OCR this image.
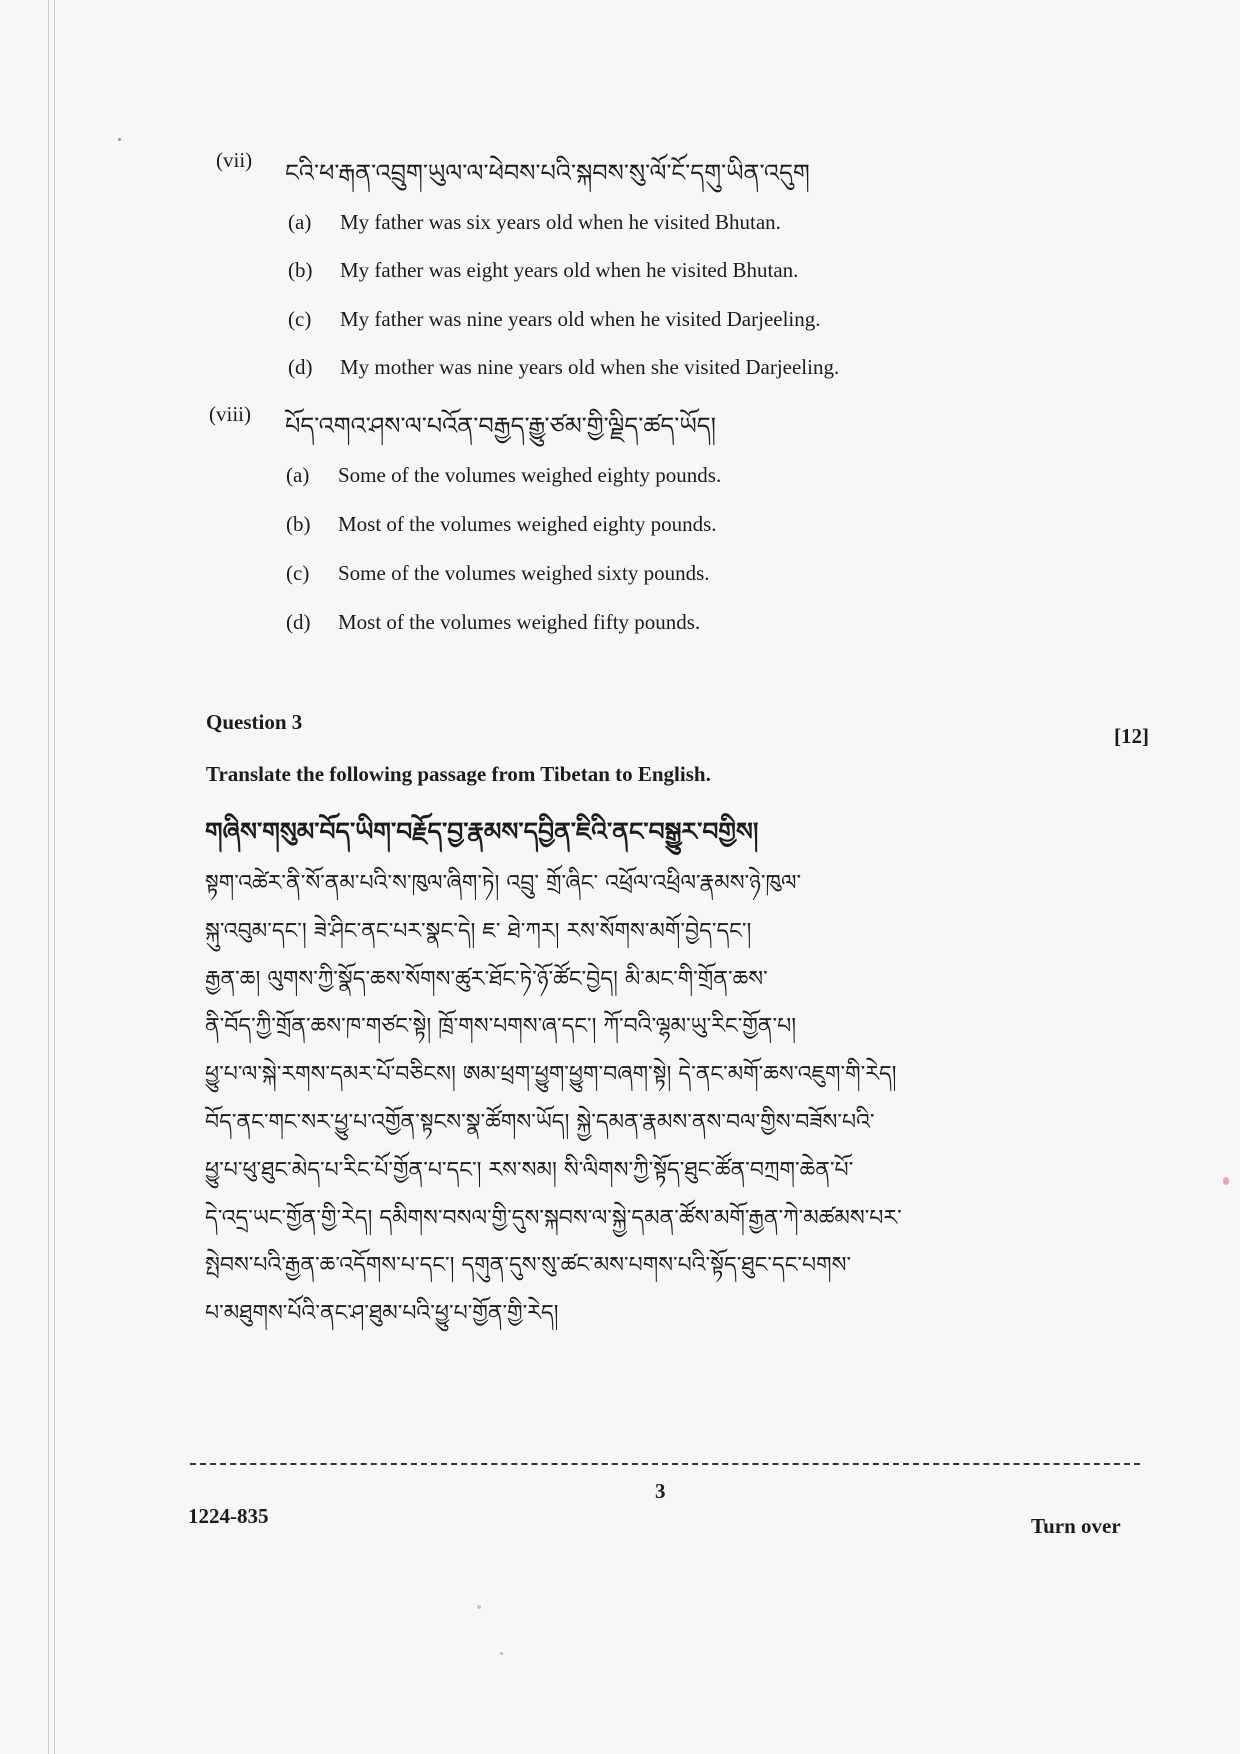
(vii) ངའི་ཕ་རྒན་འབྲུག་ཡུལ་ལ་ཕེབས་པའི་སྐབས་སུ་ལོ་ངོ་དགུ་ཡིན་འདུག
(a) My father was six years old when he visited Bhutan.
(b) My father was eight years old when he visited Bhutan.
(c) My father was nine years old when he visited Darjeeling.
(d) My mother was nine years old when she visited Darjeeling.
(viii) པོད་འགའ་ཤས་ལ་པའོན་བརྒྱད་རྒྱུ་ཙམ་གྱི་ལྗིད་ཚད་ཡོད།
(a) Some of the volumes weighed eighty pounds.
(b) Most of the volumes weighed eighty pounds.
(c) Some of the volumes weighed sixty pounds.
(d) Most of the volumes weighed fifty pounds.
Question 3
[12]
Translate the following passage from Tibetan to English.
གཞིས་གསུམ་བོད་ཡིག་བརྗོད་བྱ་རྣམས་དབྱིན་ཇིའི་ནང་བསྒྱུར་བགྱིས།
སྟག་འཚེར་ནི་སོ་ནམ་པའི་ས་ཁུལ་ཞིག་ཏེ། འབྲུ་ གྲོ་ཞིང་ འཕྲོལ་འཕྲིལ་རྣམས་ཉེ་ཁུལ་
སྐུ་འབུམ་དང་། ཟེ་ཤིང་ནང་པར་སྣང་དེ། ཇ་ ཐེ་ཀར། རས་སོགས་མགོ་བྱེད་དང་།
རྒྱན་ཆ། ལུགས་ཀྱི་སྣོད་ཆས་སོགས་ཚུར་ཐོང་ཏེ་ཉོ་ཚོང་བྱེད། མི་མང་གི་གྲོན་ཆས་
ནི་བོད་ཀྱི་གྲོན་ཆས་ཁ་གཙང་སྟེ། ཁྲོ་གས་པགས་ཞ་དང་། ཀོ་བའི་ལྷམ་ཡུ་རིང་གྱོན་པ།
ཕྱུ་པ་ལ་སྐེ་རགས་དམར་པོ་བཅིངས། ཨམ་ཕྲག་ཕྱུག་ཕྱུག་བཞག་སྟེ། དེ་ནང་མགོ་ཆས་འཇུག་གི་རེད།
བོད་ནང་གང་སར་ཕྱུ་པ་འགྱོན་སྟངས་སྣ་ཚོགས་ཡོད། སྐྱེ་དམན་རྣམས་ནས་བལ་གྱིས་བཟོས་པའི་
ཕྱུ་པ་ཕུ་ཐུང་མེད་པ་རིང་པོ་གྱོན་པ་དང་། རས་སམ། སི་ལིགས་ཀྱི་སྟོད་ཐུང་ཚོན་བཀྲག་ཆེན་པོ་
དེ་འདྲ་ཡང་གྱོན་གྱི་རེད། དམིགས་བསལ་གྱི་དུས་སྐབས་ལ་སྐྱེ་དམན་ཚོས་མགོ་རྒྱན་ཀེ་མཚམས་པར་
སྤེབས་པའི་རྒྱན་ཆ་འདོགས་པ་དང་། དགུན་དུས་སུ་ཚང་མས་པགས་པའི་སྟོད་ཐུང་དང་པགས་
པ་མཐུགས་པོའི་ནང་ཤ་ཐུམ་པའི་ཕྱུ་པ་གྱོན་གྱི་རེད།
3
1224-835	Turn over
